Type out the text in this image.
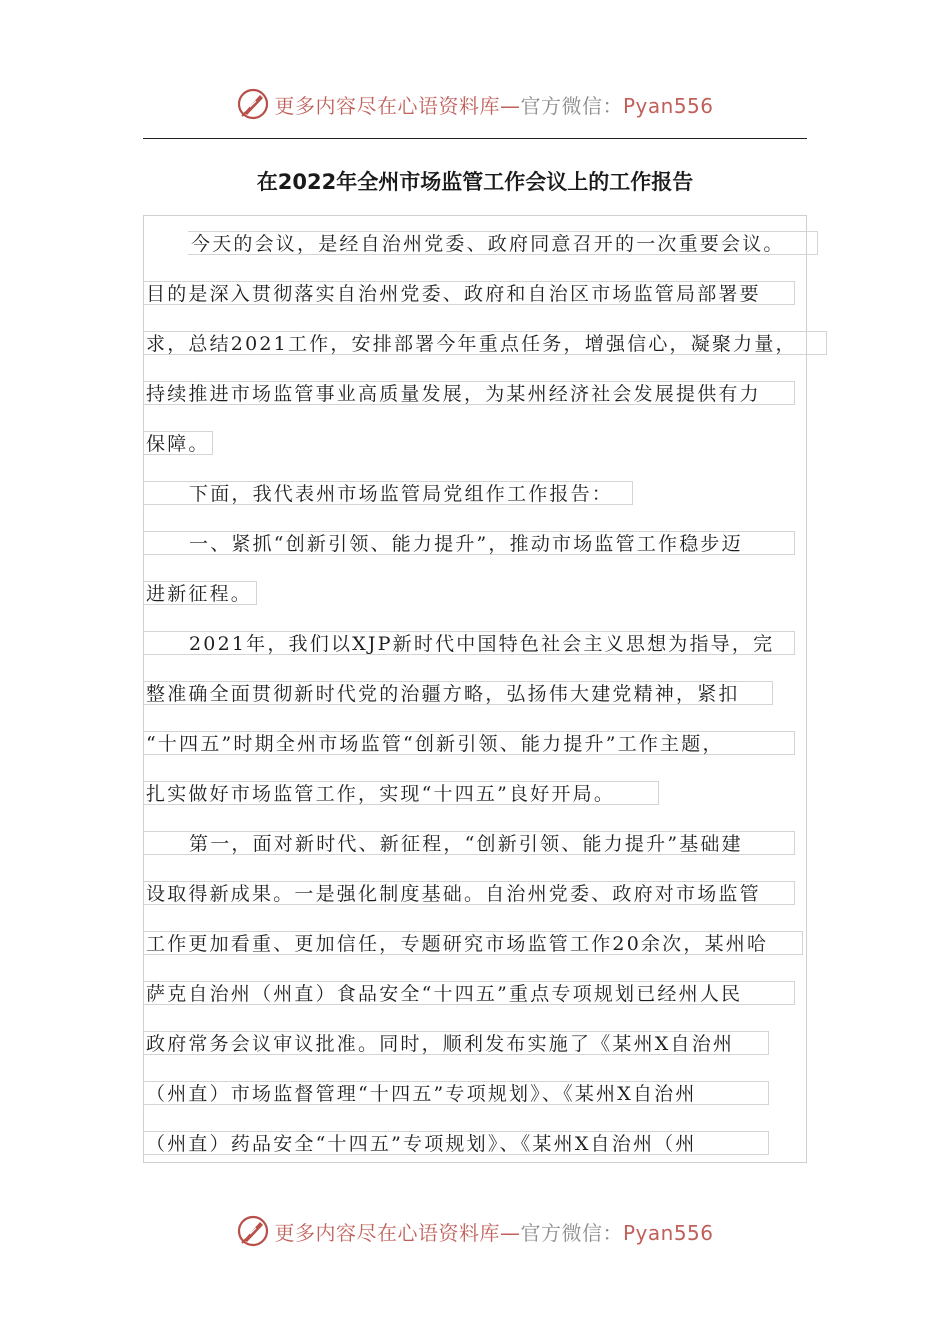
更多内容尽在心语资料库—官方微信：Pyan556
在2022年全州市场监管工作会议上的工作报告
今天的会议，是经自治州党委、政府同意召开的一次重要会议。
目的是深入贯彻落实自治州党委、政府和自治区市场监管局部署要
求，总结2021工作，安排部署今年重点任务，增强信心，凝聚力量，
持续推进市场监管事业高质量发展，为某州经济社会发展提供有力
保障。
下面，我代表州市场监管局党组作工作报告：
一、紧抓“创新引领、能力提升”，推动市场监管工作稳步迈
进新征程。
2021年，我们以XJP新时代中国特色社会主义思想为指导，完
整准确全面贯彻新时代党的治疆方略，弘扬伟大建党精神，紧扣
“十四五”时期全州市场监管“创新引领、能力提升”工作主题，
扎实做好市场监管工作，实现“十四五”良好开局。
第一，面对新时代、新征程，“创新引领、能力提升”基础建
设取得新成果。一是强化制度基础。自治州党委、政府对市场监管
工作更加看重、更加信任，专题研究市场监管工作20余次，某州哈
萨克自治州（州直）食品安全“十四五”重点专项规划已经州人民
政府常务会议审议批准。同时，顺利发布实施了《某州X自治州
（州直）市场监督管理“十四五”专项规划》、《某州X自治州
（州直）药品安全“十四五”专项规划》、《某州X自治州（州
更多内容尽在心语资料库—官方微信：Pyan556
